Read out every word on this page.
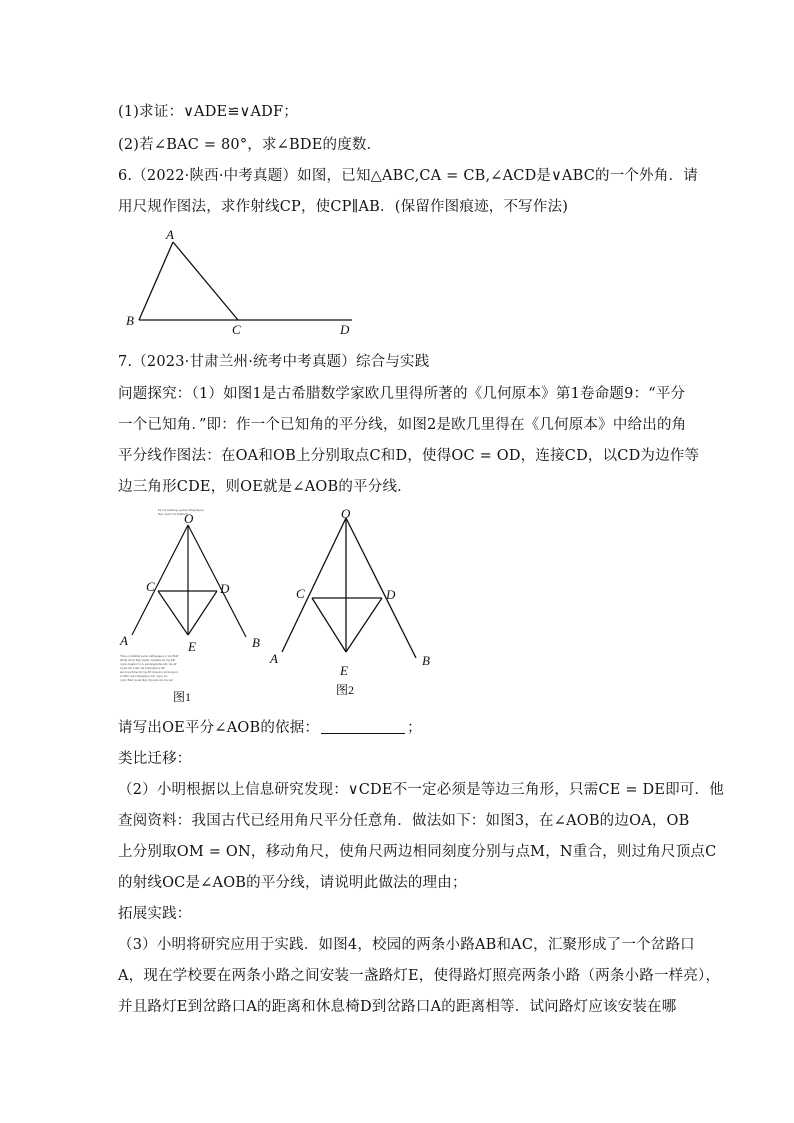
(1)求证：∨ADE≌∨ADF；
(2)若∠BAC = 80°，求∠BDE的度数．
6.（2022·陕西·中考真题）如图，已知△ABC,CA = CB,∠ACD是∨ABC的一个外角．请
用尺规作图法，求作射线CP，使CP∥AB．(保留作图痕迹，不写作法)
A
B
C	D
7.（2023·甘肃兰州·统考中考真题）综合与实践
问题探究：（1）如图1是古希腊数学家欧几里得所著的《几何原本》第1卷命题9：“平分
一个已知角．”即：作一个已知角的平分线，如图2是欧几里得在《几何原本》中给出的角
平分线作图法：在OA和OB上分别取点C和D，使得OC = OD，连接CD，以CD为边作等
边三角形CDE，则OE就是∠AOB的平分线．
Εκ τοῦ δοθείσης γωνίας εὐθυγράμμου
δίχα τεμεῖν τὴν δοθεῖσαν
O
C	D
A	E	B
Ἔστω ἡ δοθεῖσα γωνία εὐθύγραμμος ἡ ὑπὸ ΒΑΓ
δεῖ δὴ αὐτὴν δίχα τεμεῖν. εἰλήφθω ἐπὶ τῆς ΑΒ
τυχὸν σημεῖον τὸ Δ, καὶ ἀφῃρήσθω ἀπὸ τῆς ΑΓ
τῇ ΑΔ ἴση ἡ ΑΕ, καὶ ἐπεζεύχθω ἡ ΔΕ
καὶ συνεστάτω ἐπὶ τῆς ΔΕ τρίγωνον ἰσόπλευρον
τὸ ΔΕΖ, καὶ ἐπεζεύχθω ἡ ΑΖ· λέγω, ὅτι
ἡ ὑπὸ ΒΑΓ γωνία δίχα τέτμηται ὑπὸ τῆς ΑΖ
图1
O
C	D
A
E
B
图2
请写出OE平分∠AOB的依据：	；
类比迁移：
（2）小明根据以上信息研究发现：∨CDE不一定必须是等边三角形，只需CE = DE即可．他
查阅资料：我国古代已经用角尺平分任意角．做法如下：如图3，在∠AOB的边OA，OB
上分别取OM = ON，移动角尺，使角尺两边相同刻度分别与点M，N重合，则过角尺顶点C
的射线OC是∠AOB的平分线，请说明此做法的理由；
拓展实践：
（3）小明将研究应用于实践．如图4，校园的两条小路AB和AC，汇聚形成了一个岔路口
A，现在学校要在两条小路之间安装一盏路灯E，使得路灯照亮两条小路（两条小路一样亮），
并且路灯E到岔路口A的距离和休息椅D到岔路口A的距离相等．试问路灯应该安装在哪
